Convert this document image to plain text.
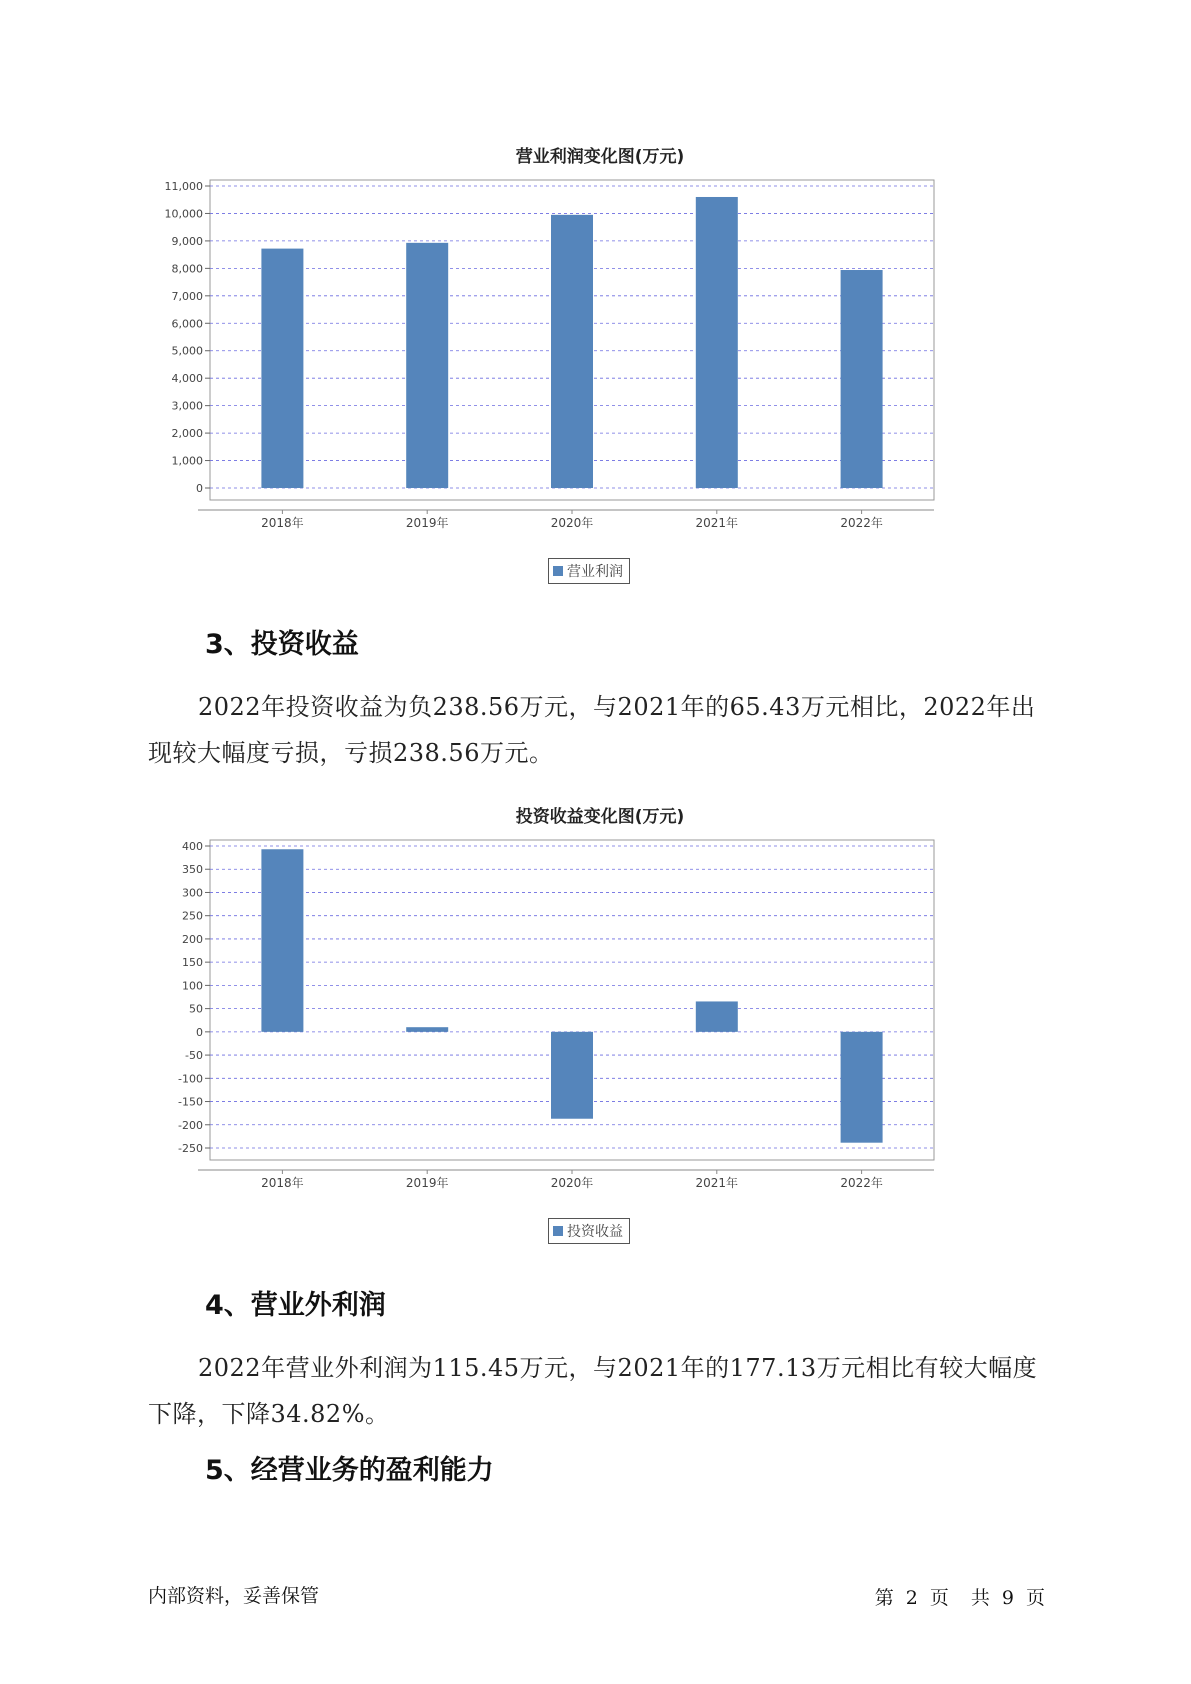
营业利润变化图(万元)
0
1,000
2,000
3,000
4,000
5,000
6,000
7,000
8,000
9,000
10,000
11,000
2018年	2019年	2020年	2021年	2022年
营业利润
3、投资收益
2022年投资收益为负238.56万元，与2021年的65.43万元相比，2022年出现较大幅度亏损，亏损238.56万元。
投资收益变化图(万元)
-250
-200
-150
-100
-50
0
50
100
150
200
250
300
350
400
2018年	2019年	2020年	2021年	2022年
投资收益
4、营业外利润
2022年营业外利润为115.45万元，与2021年的177.13万元相比有较大幅度下降，下降34.82%。
5、经营业务的盈利能力
内部资料，妥善保管	第 2 页 共 9 页
